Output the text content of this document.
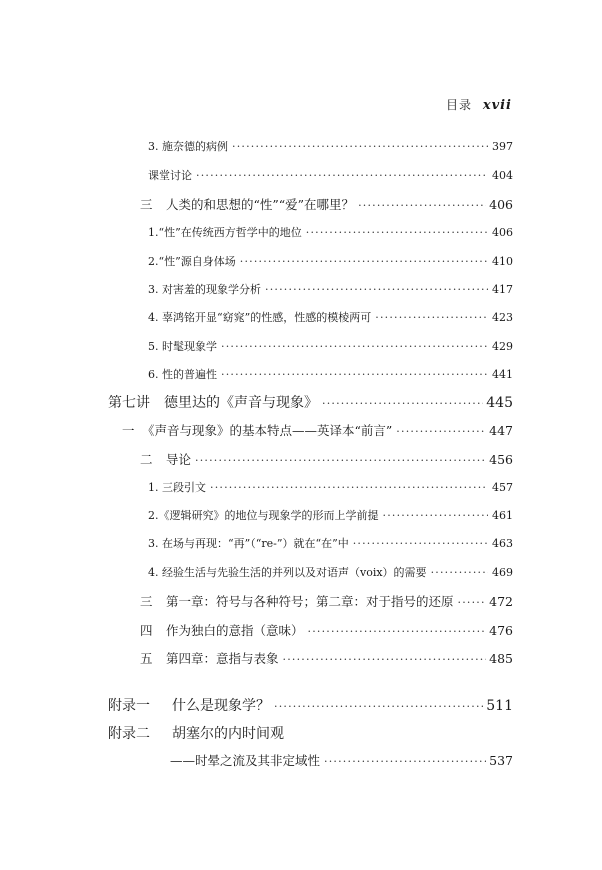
目录 xvii
3. 施奈德的病例 ·····	397
课堂讨论 ·····	404
三 人类的和思想的“性”“爱”在哪里？ ·····	406
1.“性”在传统西方哲学中的地位 ·····	406
2.“性”源自身体场 ·····	410
3. 对害羞的现象学分析 ·····	417
4. 辜鸿铭开显“窈窕”的性感，性感的模棱两可 ·····	423
5. 时髦现象学 ·····	429
6. 性的普遍性 ·····	441
第七讲 德里达的《声音与现象》 ·····	445
一 《声音与现象》的基本特点——英译本“前言” ·····	447
二 导论 ·····	456
1. 三段引文 ·····	457
2.《逻辑研究》的地位与现象学的形而上学前提 ·····	461
3. 在场与再现：“再”（“re-”）就在“在”中 ·····	463
4. 经验生活与先验生活的并列以及对语声（voix）的需要 ·····	469
三 第一章：符号与各种符号；第二章：对于指号的还原 ·····	472
四 作为独白的意指（意味） ·····	476
五 第四章：意指与表象 ·····	485
附录一 什么是现象学？ ·····	511
附录二 胡塞尔的内时间观
——时晕之流及其非定域性 ·····	537
